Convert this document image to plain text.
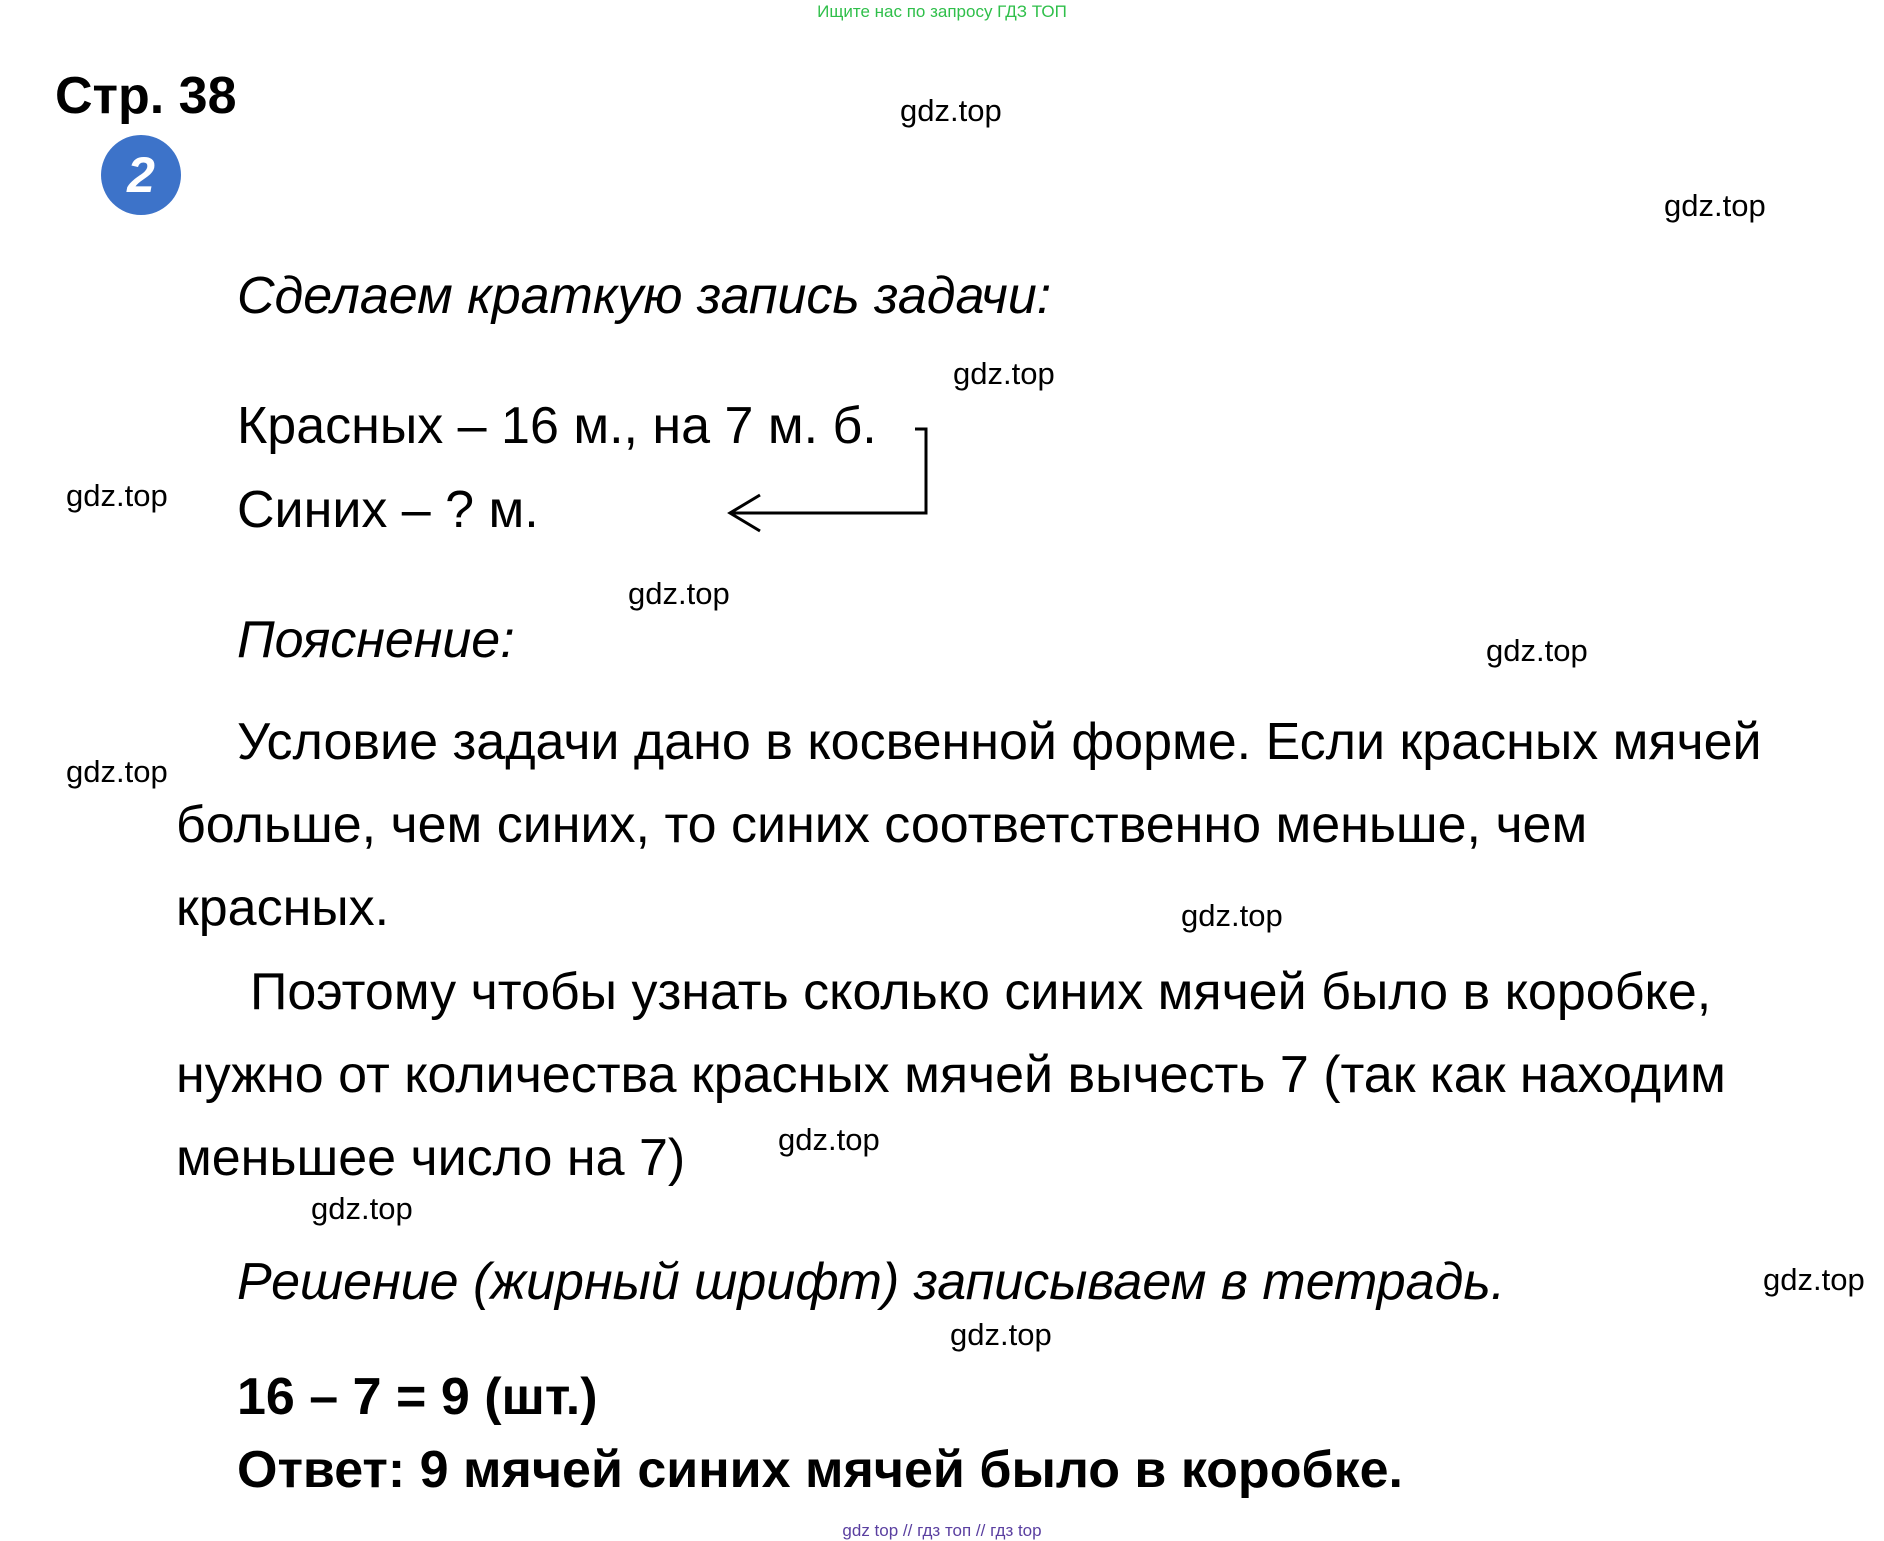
Ищите нас по запросу ГДЗ ТОП
Стр. 38
2
gdz.top
gdz.top
gdz.top
gdz.top
gdz.top
gdz.top
gdz.top
gdz.top
gdz.top
gdz.top
gdz.top
gdz.top
Сделаем краткую запись задачи:
Красных – 16 м., на 7 м. б.
Синих – ? м.
Пояснение:
Условие задачи дано в косвенной форме. Если красных мячей
больше, чем синих, то синих соответственно меньше, чем
красных.
Поэтому чтобы узнать сколько синих мячей было в коробке,
нужно от количества красных мячей вычесть 7 (так как находим
меньшее число на 7)
Решение (жирный шрифт) записываем в тетрадь.
16 – 7 = 9 (шт.)
Ответ: 9 мячей синих мячей было в коробке.
gdz top // гдз топ // гдз top
